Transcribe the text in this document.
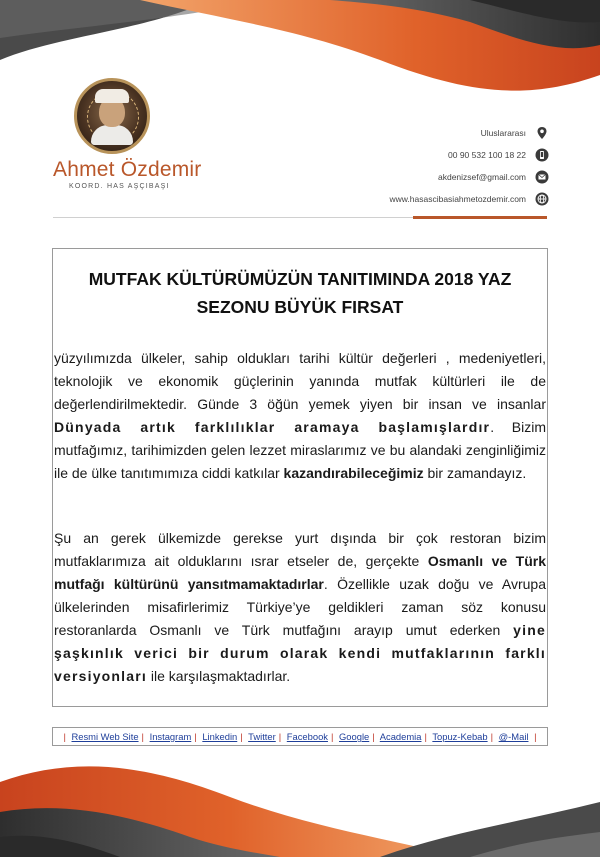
Ahmet Özdemir
KOORD. HAS AŞÇIBAŞI
Uluslararası
00 90 532 100 18 22
akdenizsef@gmail.com
www.hasascibasiahmetozdemir.com
MUTFAK KÜLTÜRÜMÜZÜN TANITIMINDA 2018 YAZ
SEZONU BÜYÜK FIRSAT
yüzyılımızda ülkeler, sahip oldukları tarihi kültür değerleri , medeniyetleri, teknolojik ve ekonomik güçlerinin yanında mutfak kültürleri ile de değerlendirilmektedir. Günde 3 öğün yemek yiyen bir insan ve insanlar Dünyada artık farklılıklar aramaya başlamışlardır. Bizim mutfağımız, tarihimizden gelen lezzet miraslarımız ve bu alandaki zenginliğimiz ile de ülke tanıtımımıza ciddi katkılar kazandırabileceğimiz bir zamandayız.
Şu an gerek ülkemizde gerekse yurt dışında bir çok restoran bizim mutfaklarımıza ait olduklarını ısrar etseler de, gerçekte Osmanlı ve Türk mutfağı kültürünü yansıtmamaktadırlar. Özellikle uzak doğu ve Avrupa ülkelerinden misafirlerimiz Türkiye’ye geldikleri zaman söz konusu restoranlarda Osmanlı ve Türk mutfağını arayıp umut ederken yine şaşkınlık verici bir durum olarak kendi mutfaklarının farklı versiyonları ile karşılaşmaktadırlar.
| Resmi Web Site | Instagram | Linkedin | Twitter | Facebook | Google | Academia | Topuz-Kebab | @-Mail |
